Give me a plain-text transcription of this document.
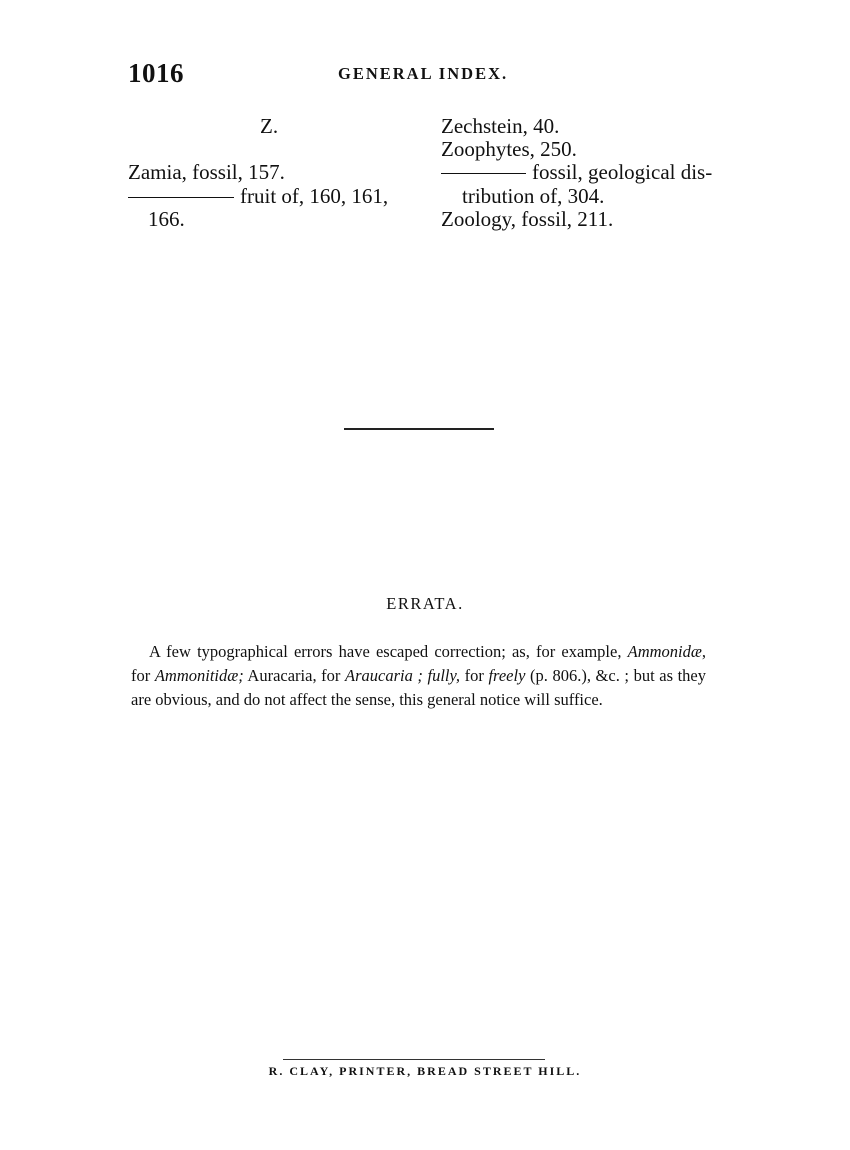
1016	GENERAL INDEX.
Z.
Zamia, fossil, 157.
fruit of, 160, 161,
166.
Zechstein, 40.
Zoophytes, 250.
fossil, geological dis-
tribution of, 304.
Zoology, fossil, 211.
ERRATA.
A few typographical errors have escaped correction; as, for example, Ammonidæ, for Ammonitidæ; Auracaria, for Araucaria ; fully, for freely (p. 806.), &c. ; but as they are obvious, and do not affect the sense, this general notice will suffice.
R. CLAY, PRINTER, BREAD STREET HILL.
